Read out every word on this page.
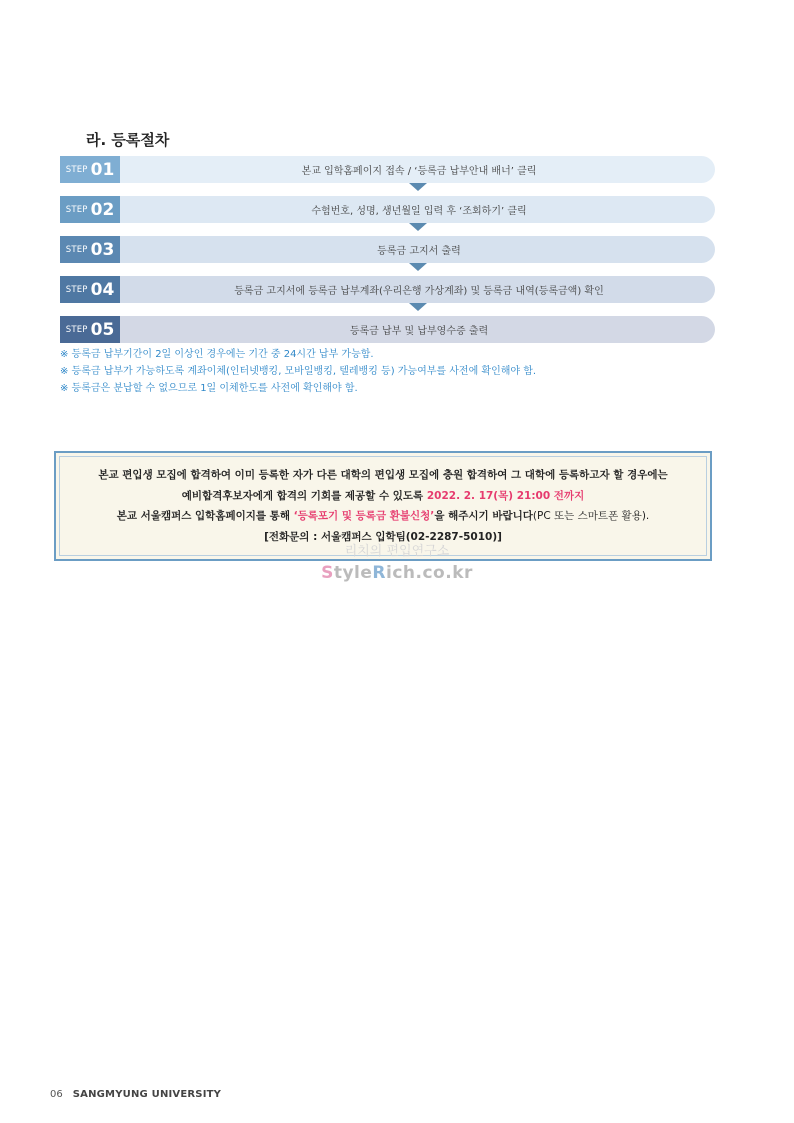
라. 등록절차
STEP 01	본교 입학홈페이지 접속 / ‘등록금 납부안내 배너’ 클릭
STEP 02	수험번호, 성명, 생년월일 입력 후 ‘조회하기’ 클릭
STEP 03	등록금 고지서 출력
STEP 04	등록금 고지서에 등록금 납부계좌(우리은행 가상계좌) 및 등록금 내역(등록금액) 확인
STEP 05	등록금 납부 및 납부영수증 출력

※ 등록금 납부기간이 2일 이상인 경우에는 기간 중 24시간 납부 가능함.

※ 등록금 납부가 가능하도록 계좌이체(인터넷뱅킹, 모바일뱅킹, 텔레뱅킹 등) 가능여부를 사전에 확인해야 함.

※ 등록금은 분납할 수 없으므로 1일 이체한도를 사전에 확인해야 함.

본교 편입생 모집에 합격하여 이미 등록한 자가 다른 대학의 편입생 모집에 충원 합격하여 그 대학에 등록하고자 할 경우에는

예비합격후보자에게 합격의 기회를 제공할 수 있도록 2022. 2. 17(목) 21:00 전까지

본교 서울캠퍼스 입학홈페이지를 통해 ‘등록포기 및 등록금 환불신청’을 해주시기 바랍니다(PC 또는 스마트폰 활용).

[전화문의 : 서울캠퍼스 입학팀(02-2287-5010)]

리치의 편입연구소
StyleRich.co.kr
06 SANGMYUNG UNIVERSITY
